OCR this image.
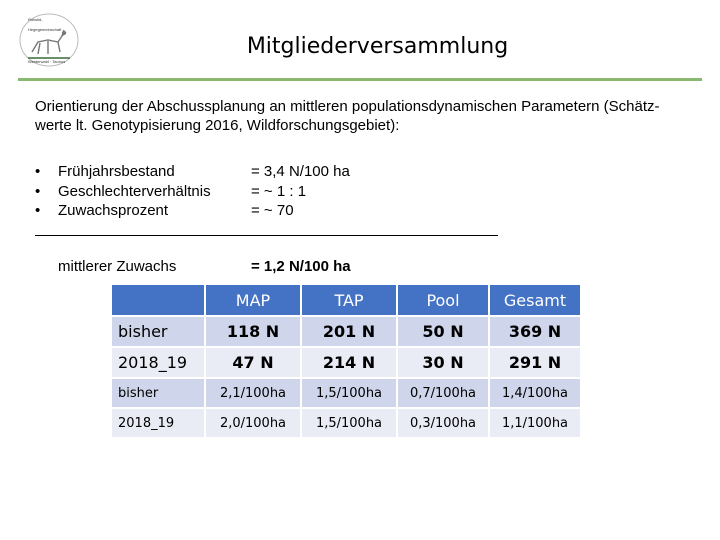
Rotwild-
Hegegemeinschaft
Westerwald · Taunus
Mitgliederversammlung
Orientierung der Abschussplanung an mittleren populationsdynamischen Parametern (Schätz-werte lt. Genotypisierung 2016, Wildforschungsgebiet):
• Frühjahrsbestand	= 3,4 N/100 ha
• Geschlechterverhältnis	= ~ 1 : 1
• Zuwachsprozent	= ~ 70
mittlerer Zuwachs	= 1,2 N/100 ha
	MAP	TAP	Pool	Gesamt
bisher	118 N	201 N	50 N	369 N
2018_19	47 N	214 N	30 N	291 N
bisher	2,1/100ha	1,5/100ha	0,7/100ha	1,4/100ha
2018_19	2,0/100ha	1,5/100ha	0,3/100ha	1,1/100ha
